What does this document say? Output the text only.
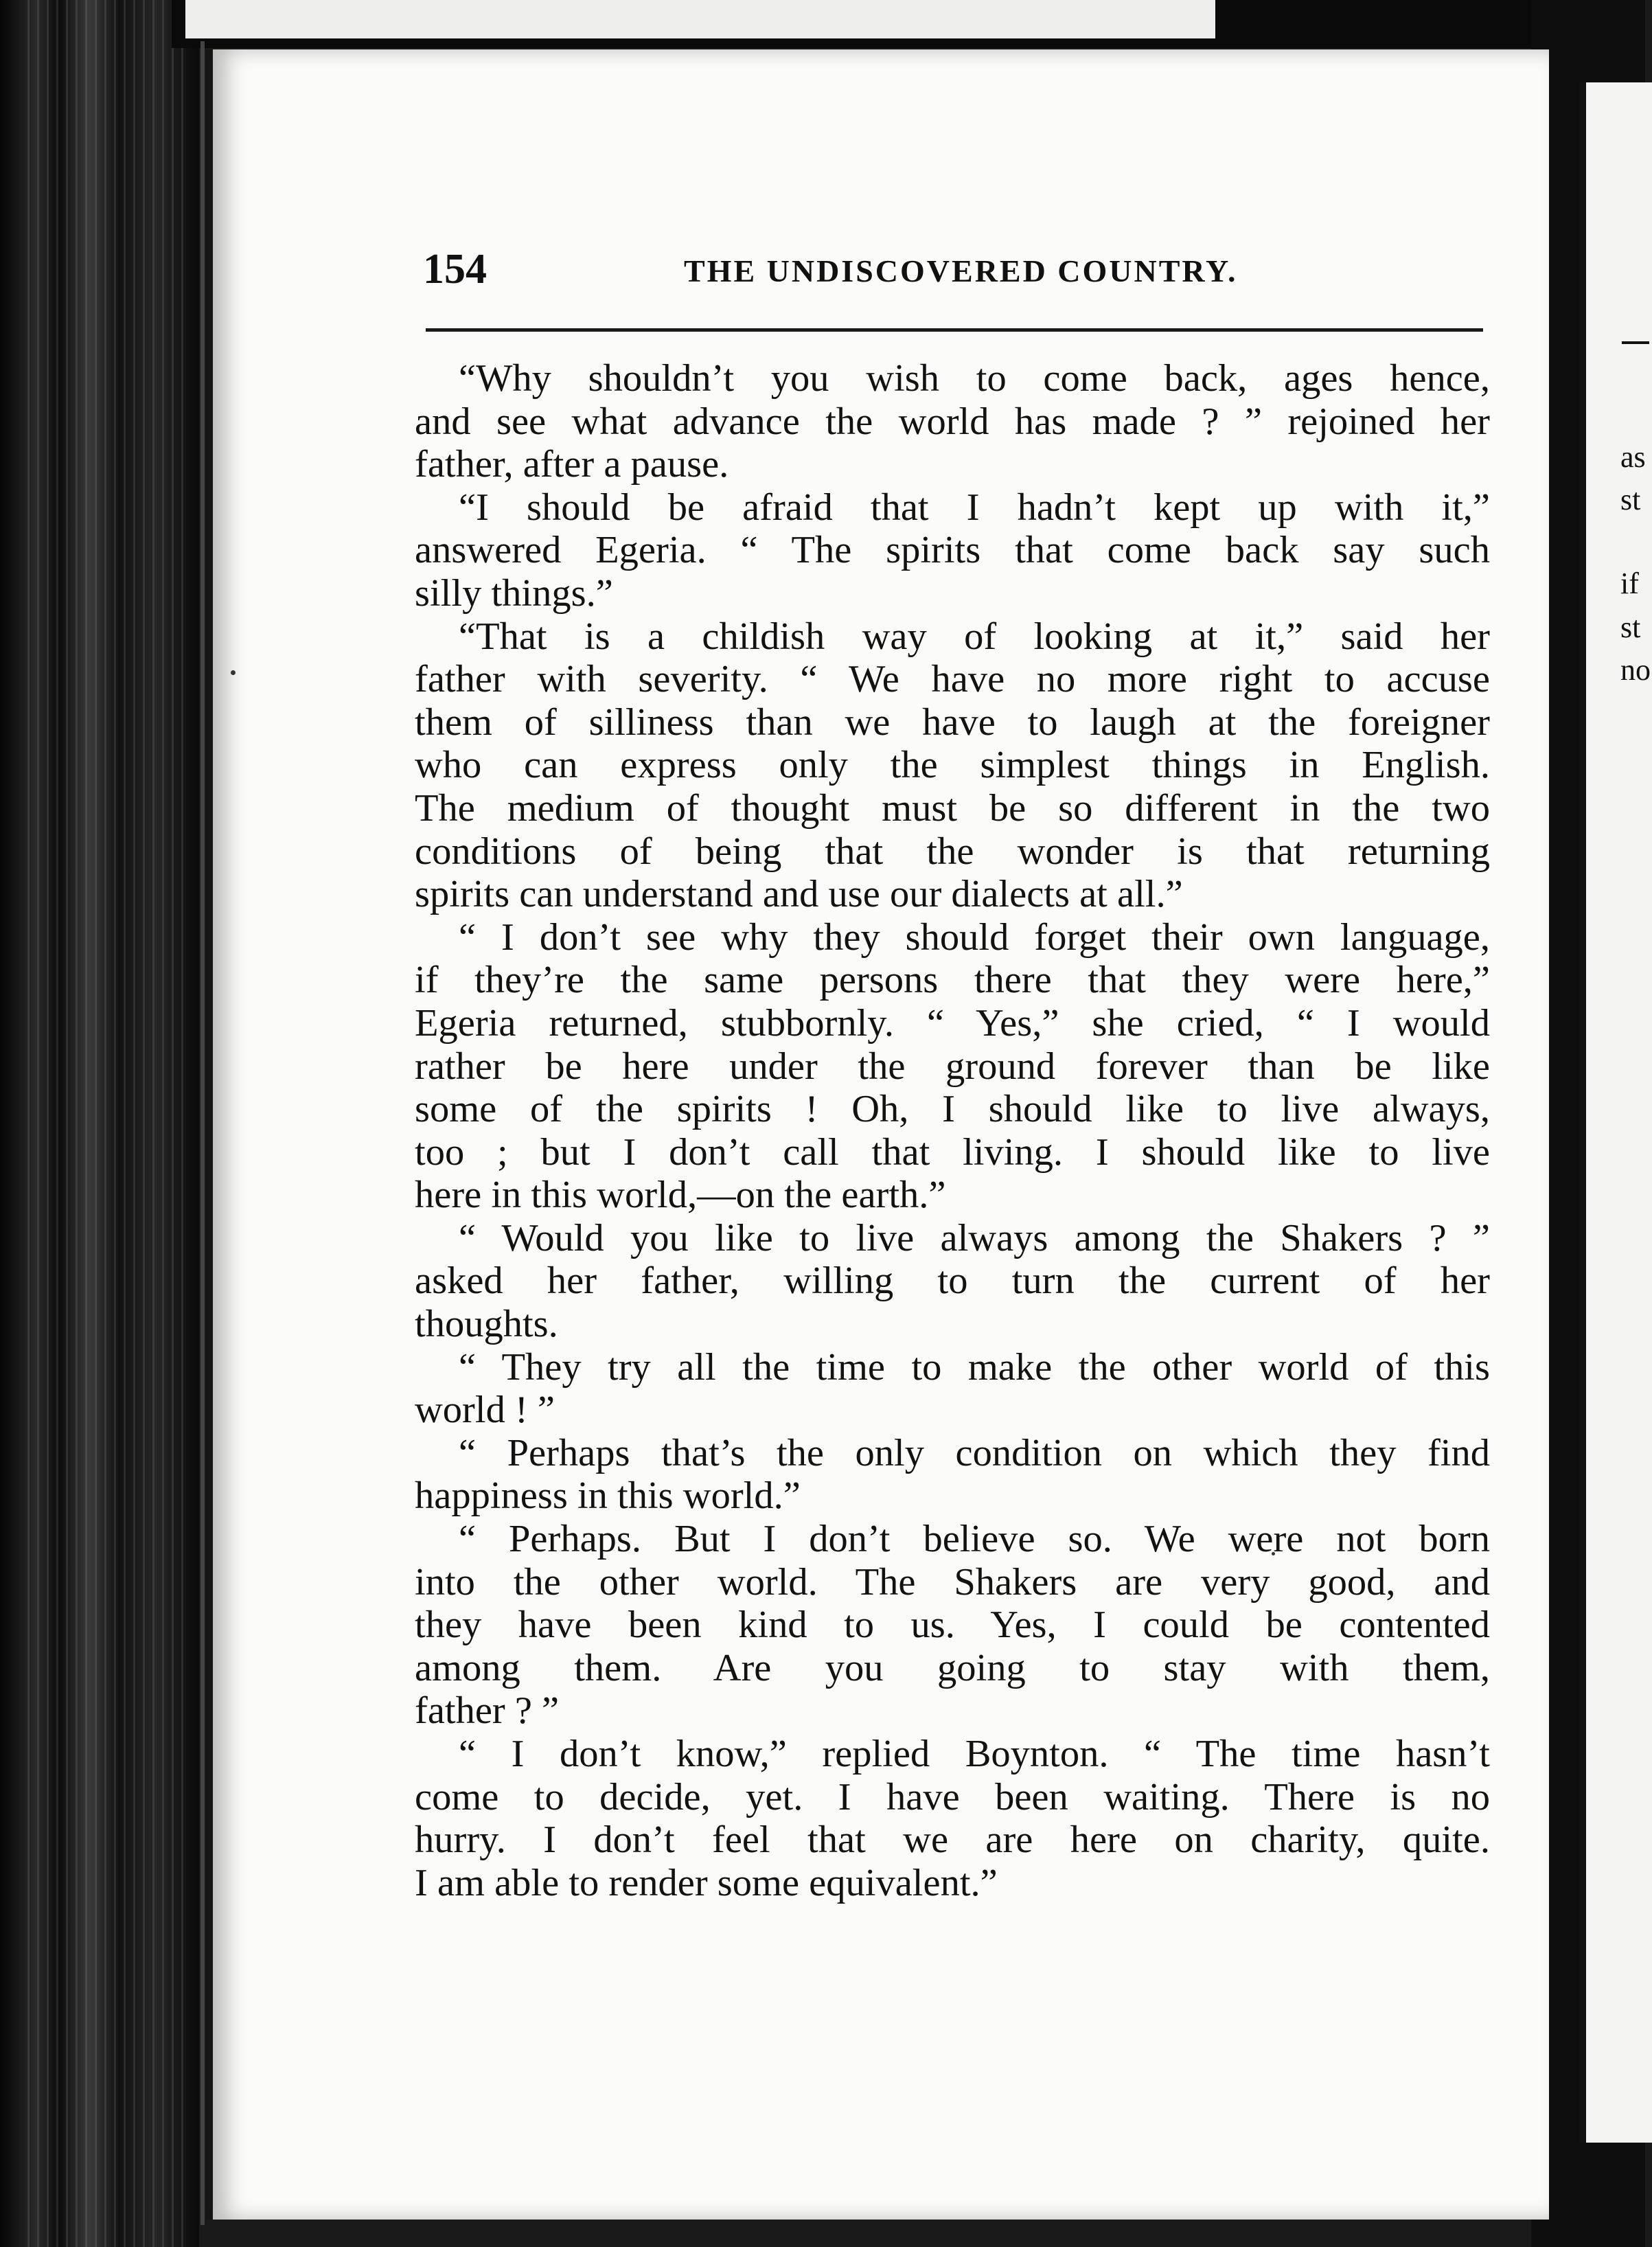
as
st
if
st
no
154	THE UNDISCOVERED COUNTRY.
“Why shouldn’t you wish to come back, ages hence,
and see what advance the world has made ? ” rejoined her
father, after a pause.
“I should be afraid that I hadn’t kept up with it,”
answered Egeria. “ The spirits that come back say such
silly things.”
“That is a childish way of looking at it,” said her
father with severity. “ We have no more right to accuse
them of silliness than we have to laugh at the foreigner
who can express only the simplest things in English.
The medium of thought must be so different in the two
conditions of being that the wonder is that returning
spirits can understand and use our dialects at all.”
“ I don’t see why they should forget their own language,
if they’re the same persons there that they were here,”
Egeria returned, stubbornly. “ Yes,” she cried, “ I would
rather be here under the ground forever than be like
some of the spirits ! Oh, I should like to live always,
too ; but I don’t call that living. I should like to live
here in this world,—on the earth.”
“ Would you like to live always among the Shakers ? ”
asked her father, willing to turn the current of her
thoughts.
“ They try all the time to make the other world of this
world ! ”
“ Perhaps that’s the only condition on which they find
happiness in this world.”
“ Perhaps. But I don’t believe so. We were not born
into the other world. The Shakers are very good, and
they have been kind to us. Yes, I could be contented
among them. Are you going to stay with them,
father ? ”
“ I don’t know,” replied Boynton. “ The time hasn’t
come to decide, yet. I have been waiting. There is no
hurry. I don’t feel that we are here on charity, quite.
I am able to render some equivalent.”
